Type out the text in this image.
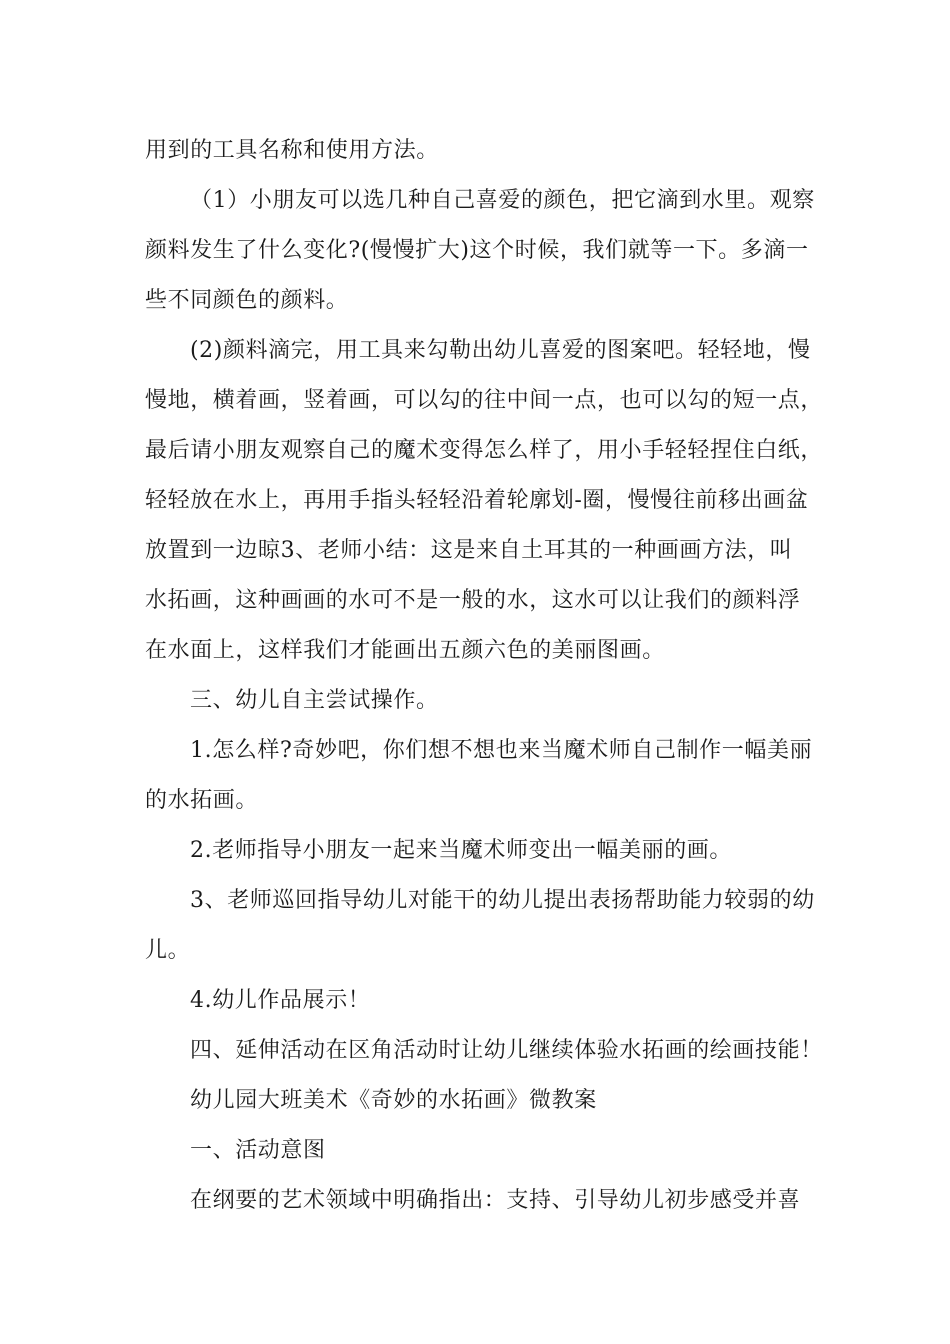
用到的工具名称和使用方法。
（1）小朋友可以选几种自己喜爱的颜色，把它滴到水里。观察
颜料发生了什么变化?(慢慢扩大)这个时候，我们就等一下。多滴一
些不同颜色的颜料。
(2)颜料滴完，用工具来勾勒出幼儿喜爱的图案吧。轻轻地，慢
慢地，横着画，竖着画，可以勾的往中间一点，也可以勾的短一点，
最后请小朋友观察自己的魔术变得怎么样了，用小手轻轻捏住白纸，
轻轻放在水上，再用手指头轻轻沿着轮廓划-圈，慢慢往前移出画盆
放置到一边晾3、老师小结：这是来自土耳其的一种画画方法，叫
水拓画，这种画画的水可不是一般的水，这水可以让我们的颜料浮
在水面上，这样我们才能画出五颜六色的美丽图画。
三、幼儿自主尝试操作。
1.怎么样?奇妙吧，你们想不想也来当魔术师自己制作一幅美丽
的水拓画。
2.老师指导小朋友一起来当魔术师变出一幅美丽的画。
3、老师巡回指导幼儿对能干的幼儿提出表扬帮助能力较弱的幼
儿。
4.幼儿作品展示！
四、延伸活动在区角活动时让幼儿继续体验水拓画的绘画技能！
幼儿园大班美术《奇妙的水拓画》微教案
一、活动意图
在纲要的艺术领域中明确指出：支持、引导幼儿初步感受并喜
